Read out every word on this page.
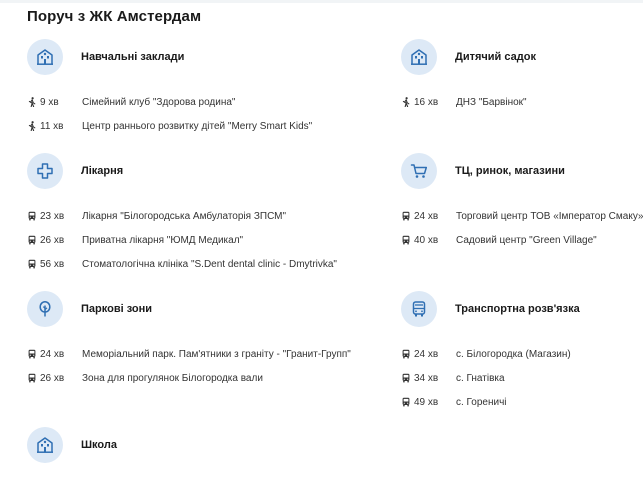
Поруч з ЖК Амстердам
Навчальні заклади
9 хв	Сімейний клуб "Здорова родина"
11 хв	Центр раннього розвитку дітей "Merry Smart Kids"
Дитячий садок
16 хв	ДНЗ "Барвінок"
Лікарня
23 хв	Лікарня "Білогородська Амбулаторія ЗПСМ"
26 хв	Приватна лікарня "ЮМД Медикал"
56 хв	Стоматологічна клініка "S.Dent dental clinic - Dmytrivka"
ТЦ, ринок, магазини
24 хв	Торговий центр ТОВ «Імператор Смаку»
40 хв	Садовий центр "Green Village"
Паркові зони
24 хв	Меморіальний парк. Пам'ятники з граніту - "Гранит-Групп"
26 хв	Зона для прогулянок Білогородка вали
Транспортна розв'язка
24 хв	с. Білогородка (Магазин)
34 хв	с. Гнатівка
49 хв	с. Гореничі
Школа
